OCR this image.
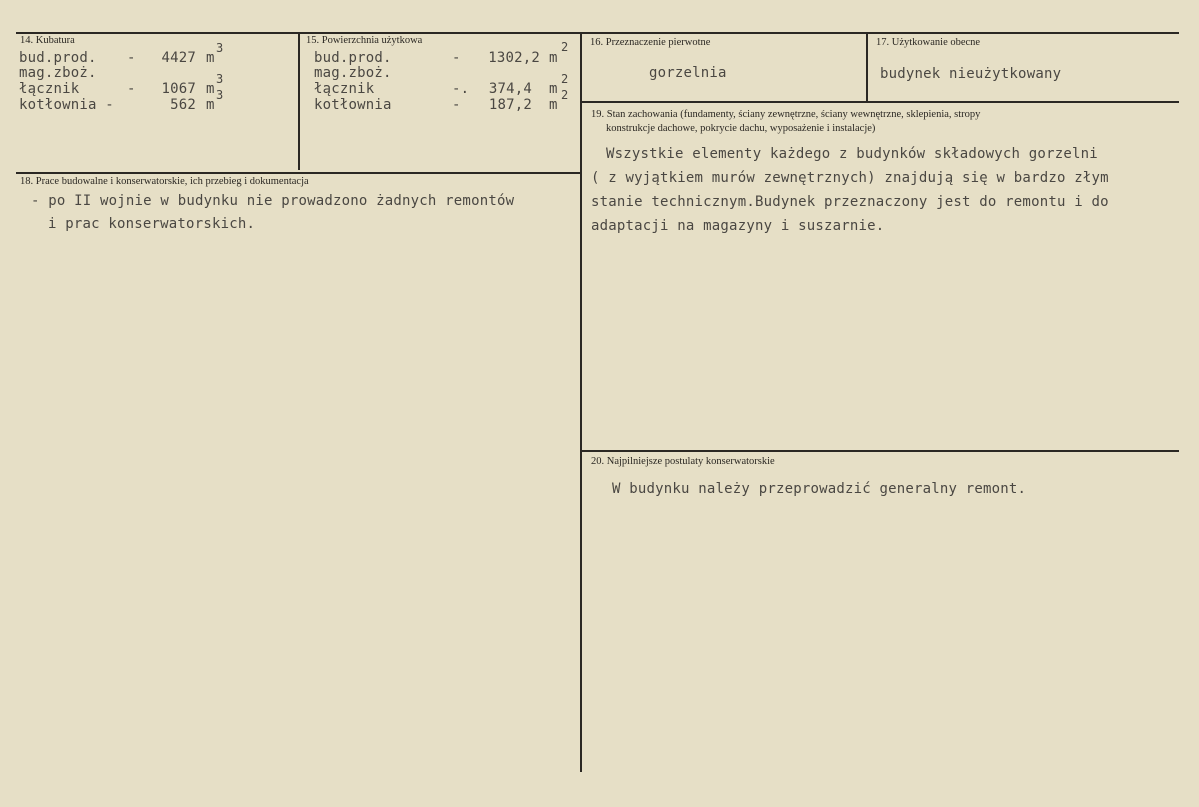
14. Kubatura
bud.prod. -	4427 m
3
mag.zboż.
łącznik	-	1067 m
3
kotłownia -	562 m
3
15. Powierzchnia użytkowa
bud.prod.	-	1302,2 m
2
mag.zboż.
łącznik	-.	374,4 m
2
kotłownia	-	187,2 m
2
16. Przeznaczenie pierwotne
gorzelnia
17. Użytkowanie obecne
budynek nieużytkowany
18. Prace budowalne i konserwatorskie, ich przebieg i dokumentacja
- po II wojnie w budynku nie prowadzono żadnych remontów
i prac konserwatorskich.
19. Stan zachowania (fundamenty, ściany zewnętrzne, ściany wewnętrzne, sklepienia, stropy
konstrukcje dachowe, pokrycie dachu, wyposażenie i instalacje)
Wszystkie elementy każdego z budynków składowych gorzelni
( z wyjątkiem murów zewnętrznych) znajdują się w bardzo złym
stanie technicznym.Budynek przeznaczony jest do remontu i do
adaptacji na magazyny i suszarnie.
20. Najpilniejsze postulaty konserwatorskie
W budynku należy przeprowadzić generalny remont.
